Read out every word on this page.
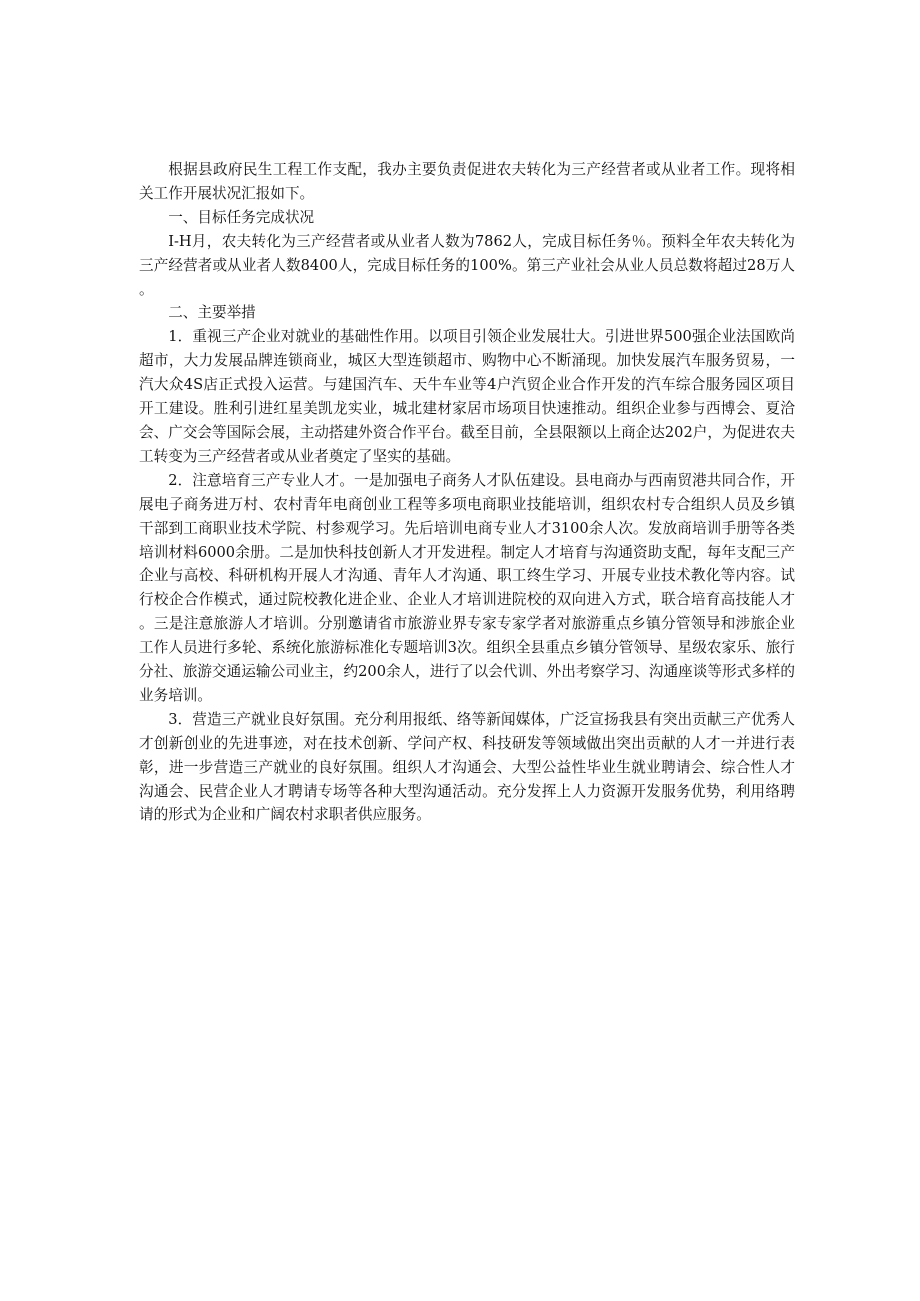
根据县政府民生工程工作支配，我办主要负责促进农夫转化为三产经营者或从业者工作。现将相关工作开展状况汇报如下。

一、目标任务完成状况

I-H月，农夫转化为三产经营者或从业者人数为7862人，完成目标任务％。预料全年农夫转化为三产经营者或从业者人数8400人，完成目标任务的100%。第三产业社会从业人员总数将超过28万人。

二、主要举措

1．重视三产企业对就业的基础性作用。以项目引领企业发展壮大。引进世界500强企业法国欧尚超市，大力发展品牌连锁商业，城区大型连锁超市、购物中心不断涌现。加快发展汽车服务贸易，一汽大众4S店正式投入运营。与建国汽车、天牛车业等4户汽贸企业合作开发的汽车综合服务园区项目开工建设。胜利引进红星美凯龙实业，城北建材家居市场项目快速推动。组织企业参与西博会、夏洽会、广交会等国际会展，主动搭建外资合作平台。截至目前，全县限额以上商企达202户，为促进农夫工转变为三产经营者或从业者奠定了坚实的基础。

2．注意培育三产专业人才。一是加强电子商务人才队伍建设。县电商办与西南贸港共同合作，开展电子商务进万村、农村青年电商创业工程等多项电商职业技能培训，组织农村专合组织人员及乡镇干部到工商职业技术学院、村参观学习。先后培训电商专业人才3100余人次。发放商培训手册等各类培训材料6000余册。二是加快科技创新人才开发进程。制定人才培育与沟通资助支配，每年支配三产企业与高校、科研机构开展人才沟通、青年人才沟通、职工终生学习、开展专业技术教化等内容。试行校企合作模式，通过院校教化进企业、企业人才培训进院校的双向进入方式，联合培育高技能人才。三是注意旅游人才培训。分别邀请省市旅游业界专家专家学者对旅游重点乡镇分管领导和涉旅企业工作人员进行多轮、系统化旅游标准化专题培训3次。组织全县重点乡镇分管领导、星级农家乐、旅行分社、旅游交通运输公司业主，约200余人，进行了以会代训、外出考察学习、沟通座谈等形式多样的业务培训。

3．营造三产就业良好氛围。充分利用报纸、络等新闻媒体，广泛宣扬我县有突出贡献三产优秀人才创新创业的先进事迹，对在技术创新、学问产权、科技研发等领域做出突出贡献的人才一并进行表彰，进一步营造三产就业的良好氛围。组织人才沟通会、大型公益性毕业生就业聘请会、综合性人才沟通会、民营企业人才聘请专场等各种大型沟通活动。充分发挥上人力资源开发服务优势，利用络聘请的形式为企业和广阔农村求职者供应服务。
